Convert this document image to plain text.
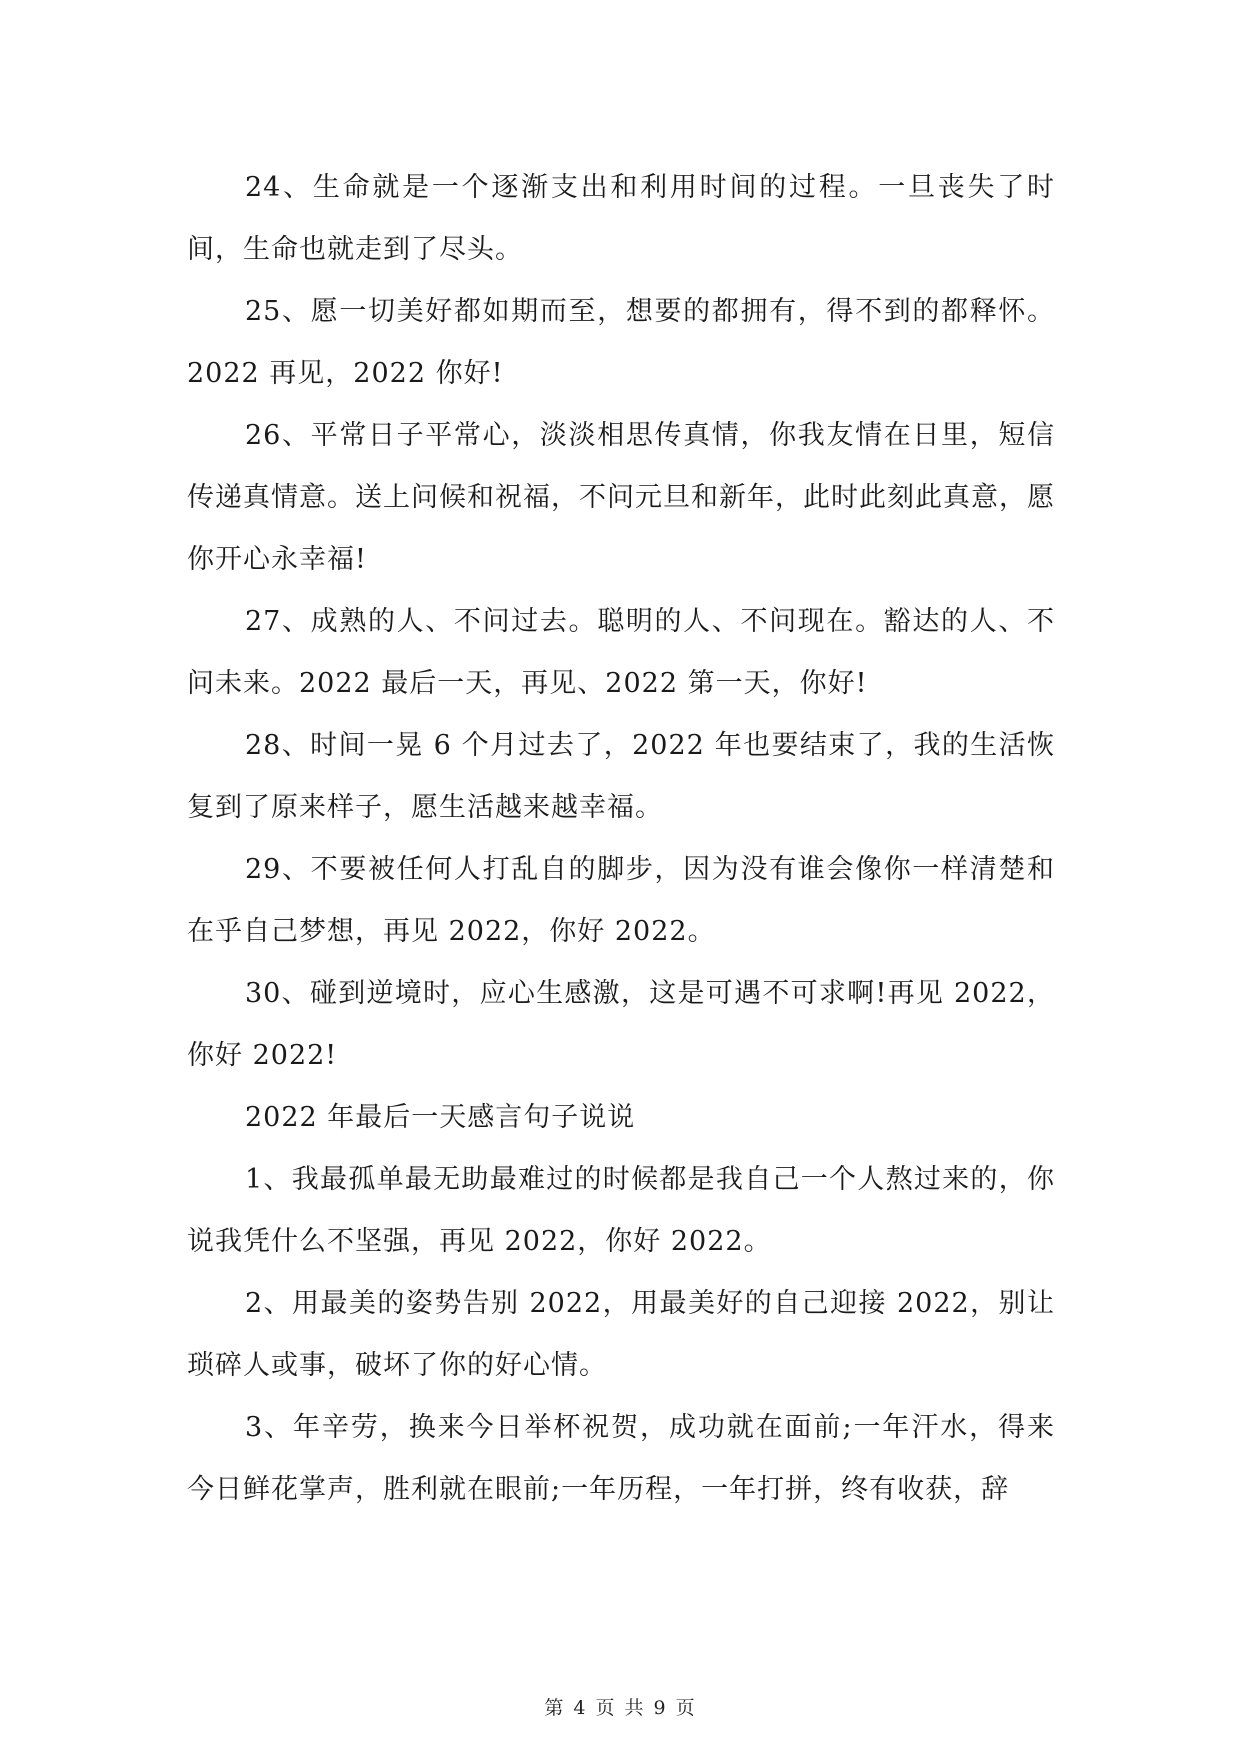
24、生命就是一个逐渐支出和利用时间的过程。一旦丧失了时间，生命也就走到了尽头。

25、愿一切美好都如期而至，想要的都拥有，得不到的都释怀。2022 再见，2022 你好!

26、平常日子平常心，淡淡相思传真情，你我友情在日里，短信传递真情意。送上问候和祝福，不问元旦和新年，此时此刻此真意，愿你开心永幸福!

27、成熟的人、不问过去。聪明的人、不问现在。豁达的人、不问未来。2022 最后一天，再见、2022 第一天，你好!

28、时间一晃 6 个月过去了，2022 年也要结束了，我的生活恢复到了原来样子，愿生活越来越幸福。

29、不要被任何人打乱自的脚步，因为没有谁会像你一样清楚和在乎自己梦想，再见 2022，你好 2022。

30、碰到逆境时，应心生感激，这是可遇不可求啊!再见 2022，你好 2022!

2022 年最后一天感言句子说说

1、我最孤单最无助最难过的时候都是我自己一个人熬过来的，你说我凭什么不坚强，再见 2022，你好 2022。

2、用最美的姿势告别 2022，用最美好的自己迎接 2022，别让琐碎人或事，破坏了你的好心情。

3、年辛劳，换来今日举杯祝贺，成功就在面前;一年汗水，得来今日鲜花掌声，胜利就在眼前;一年历程，一年打拼，终有收获，辞

第 4 页 共 9 页
